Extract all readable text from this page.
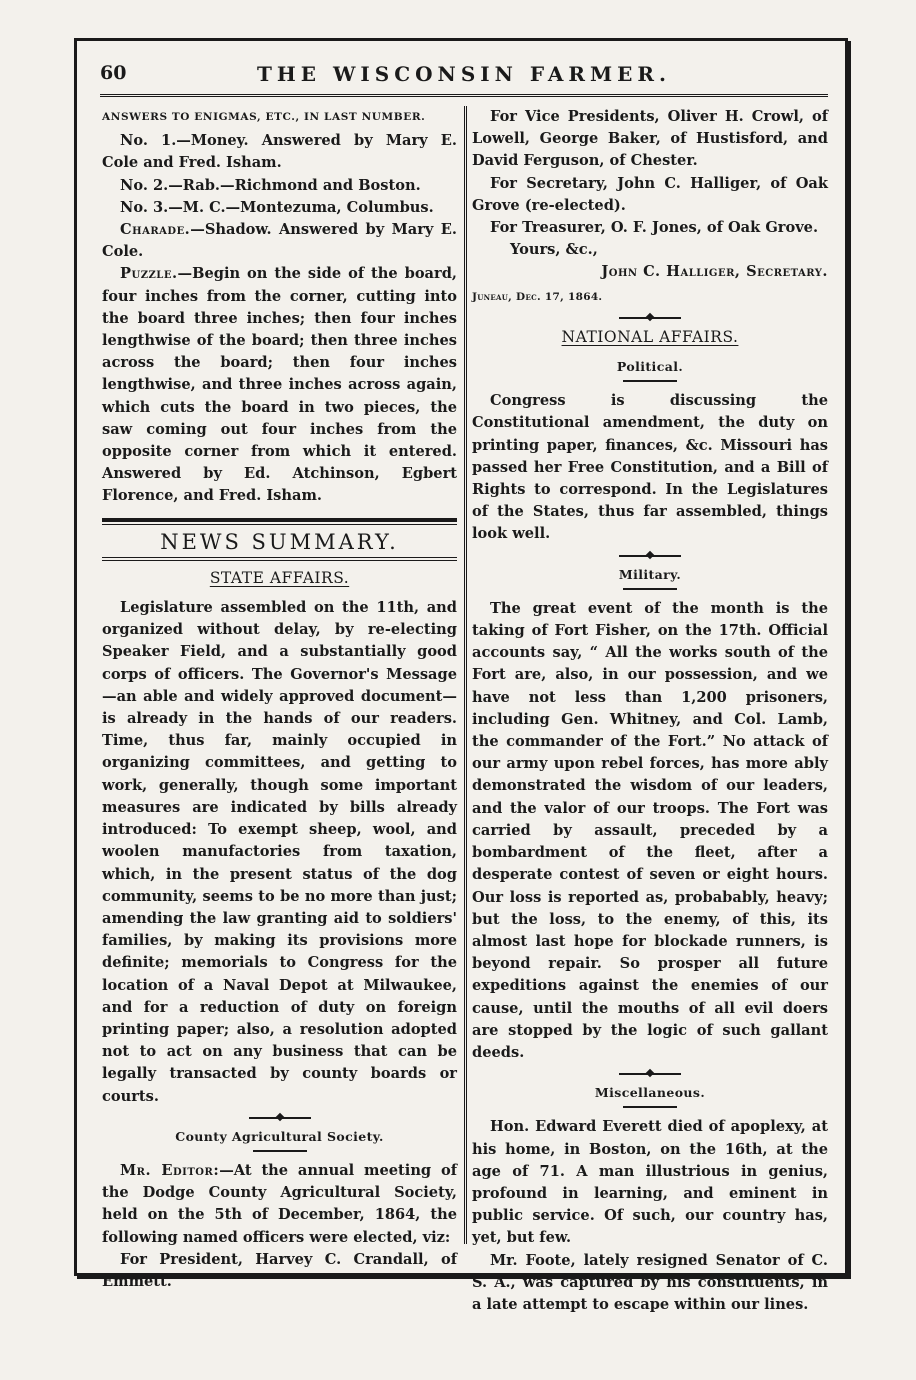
60	THE WISCONSIN FARMER.
ANSWERS TO ENIGMAS, ETC., IN LAST NUMBER.

No. 1.—Money. Answered by Mary E. Cole and Fred. Isham.

No. 2.—Rab.—Richmond and Boston.

No. 3.—M. C.—Montezuma, Columbus.

Charade.—Shadow. Answered by Mary E. Cole.

Puzzle.—Begin on the side of the board, four inches from the corner, cutting into the board three inches; then four inches lengthwise of the board; then three inches across the board; then four inches lengthwise, and three inches across again, which cuts the board in two pieces, the saw coming out four inches from the opposite corner from which it entered. Answered by Ed. Atchinson, Egbert Florence, and Fred. Isham.

NEWS SUMMARY.
STATE AFFAIRS.

Legislature assembled on the 11th, and organized without delay, by re-electing Speaker Field, and a substantially good corps of officers. The Governor's Message —an able and widely approved document— is already in the hands of our readers. Time, thus far, mainly occupied in organizing committees, and getting to work, generally, though some important measures are indicated by bills already introduced: To exempt sheep, wool, and woolen manufactories from taxation, which, in the present status of the dog community, seems to be no more than just; amending the law granting aid to soldiers' families, by making its provisions more definite; memorials to Congress for the location of a Naval Depot at Milwaukee, and for a reduction of duty on foreign printing paper; also, a resolution adopted not to act on any business that can be legally transacted by county boards or courts.

County Agricultural Society.

Mr. Editor:—At the annual meeting of the Dodge County Agricultural Society, held on the 5th of December, 1864, the following named officers were elected, viz:

For President, Harvey C. Crandall, of Emmett.

For Vice Presidents, Oliver H. Crowl, of Lowell, George Baker, of Hustisford, and David Ferguson, of Chester.

For Secretary, John C. Halliger, of Oak Grove (re-elected).

For Treasurer, O. F. Jones, of Oak Grove.

Yours, &c.,

John C. Halliger, Secretary.

Juneau, Dec. 17, 1864.

NATIONAL AFFAIRS.
Political.

Congress is discussing the Constitutional amendment, the duty on printing paper, finances, &c. Missouri has passed her Free Constitution, and a Bill of Rights to correspond. In the Legislatures of the States, thus far assembled, things look well.

Military.

The great event of the month is the taking of Fort Fisher, on the 17th. Official accounts say, “ All the works south of the Fort are, also, in our possession, and we have not less than 1,200 prisoners, including Gen. Whitney, and Col. Lamb, the commander of the Fort.” No attack of our army upon rebel forces, has more ably demonstrated the wisdom of our leaders, and the valor of our troops. The Fort was carried by assault, preceded by a bombardment of the fleet, after a desperate contest of seven or eight hours. Our loss is reported as, probabably, heavy; but the loss, to the enemy, of this, its almost last hope for blockade runners, is beyond repair. So prosper all future expeditions against the enemies of our cause, until the mouths of all evil doers are stopped by the logic of such gallant deeds.

Miscellaneous.

Hon. Edward Everett died of apoplexy, at his home, in Boston, on the 16th, at the age of 71. A man illustrious in genius, profound in learning, and eminent in public service. Of such, our country has, yet, but few.

Mr. Foote, lately resigned Senator of C. S. A., was captured by his constituents, in a late attempt to escape within our lines.
